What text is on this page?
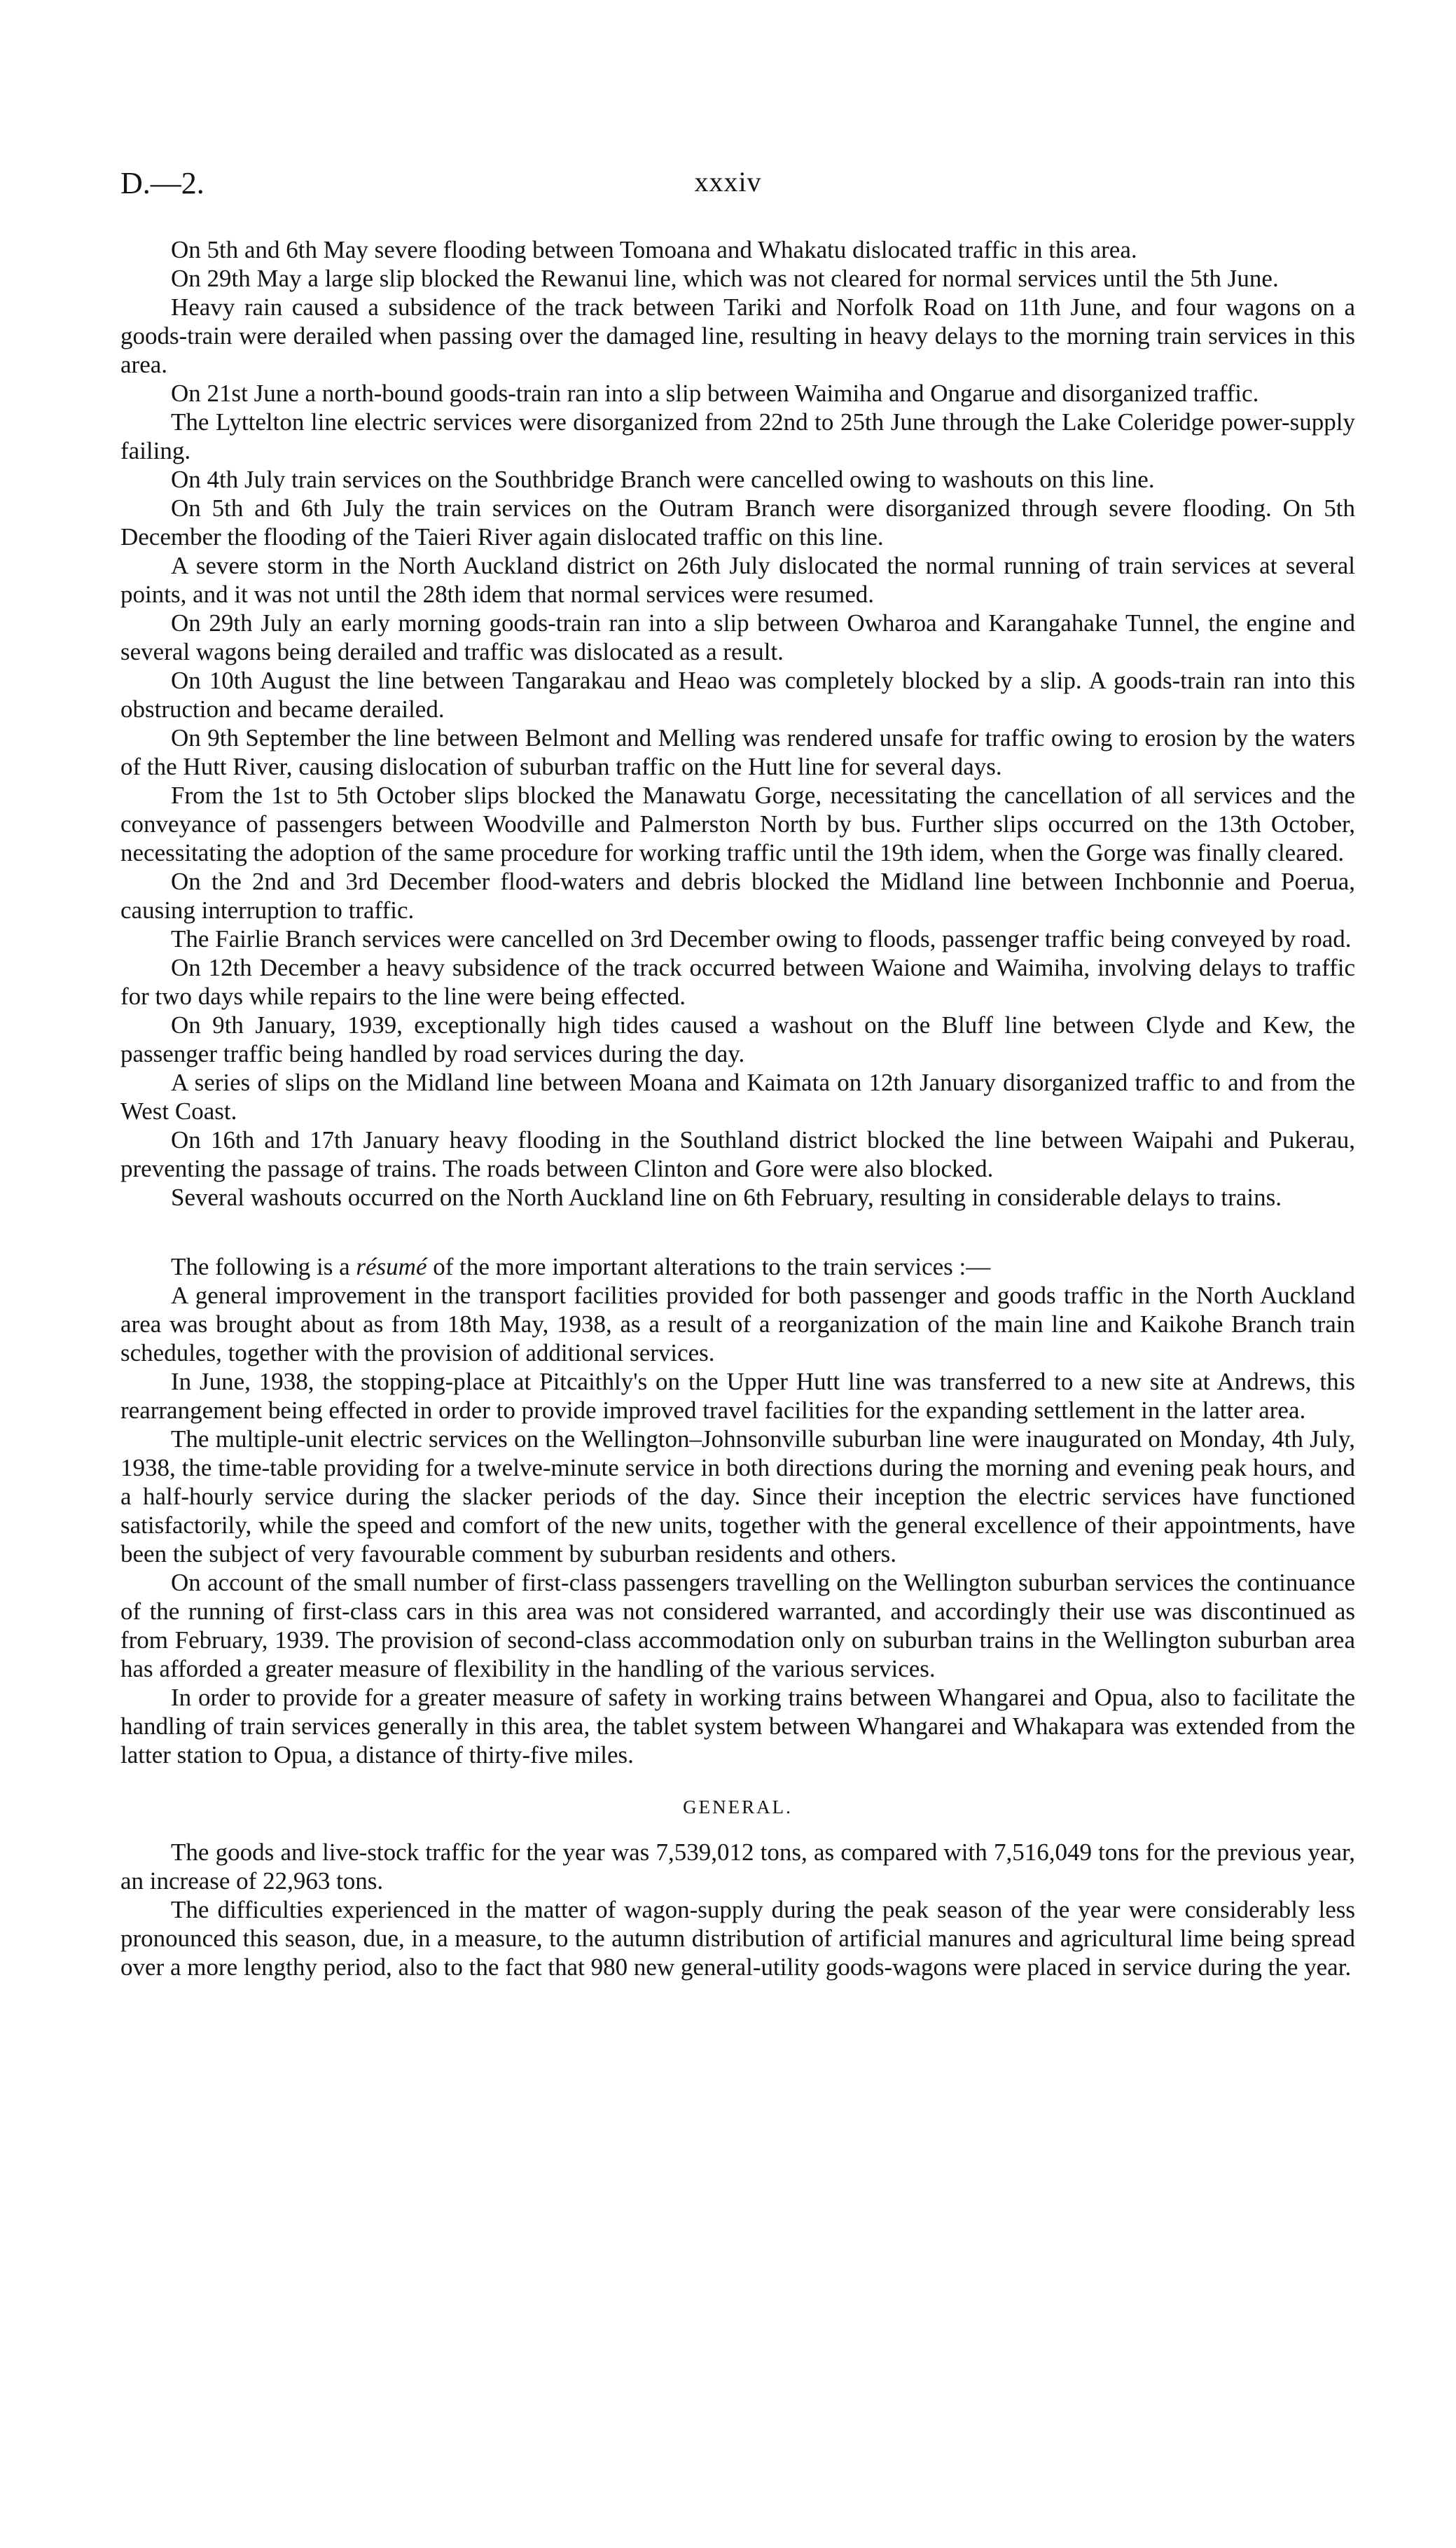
D.—2.	xxxiv

On 5th and 6th May severe flooding between Tomoana and Whakatu dislocated traffic in this area.

On 29th May a large slip blocked the Rewanui line, which was not cleared for normal services until the 5th June.

Heavy rain caused a subsidence of the track between Tariki and Norfolk Road on 11th June, and four wagons on a goods-train were derailed when passing over the damaged line, resulting in heavy delays to the morning train services in this area.

On 21st June a north-bound goods-train ran into a slip between Waimiha and Ongarue and disorganized traffic.

The Lyttelton line electric services were disorganized from 22nd to 25th June through the Lake Coleridge power-supply failing.

On 4th July train services on the Southbridge Branch were cancelled owing to washouts on this line.

On 5th and 6th July the train services on the Outram Branch were disorganized through severe flooding. On 5th December the flooding of the Taieri River again dislocated traffic on this line.

A severe storm in the North Auckland district on 26th July dislocated the normal running of train services at several points, and it was not until the 28th idem that normal services were resumed.

On 29th July an early morning goods-train ran into a slip between Owharoa and Karangahake Tunnel, the engine and several wagons being derailed and traffic was dislocated as a result.

On 10th August the line between Tangarakau and Heao was completely blocked by a slip. A goods-train ran into this obstruction and became derailed.

On 9th September the line between Belmont and Melling was rendered unsafe for traffic owing to erosion by the waters of the Hutt River, causing dislocation of suburban traffic on the Hutt line for several days.

From the 1st to 5th October slips blocked the Manawatu Gorge, necessitating the cancellation of all services and the conveyance of passengers between Woodville and Palmerston North by bus. Further slips occurred on the 13th October, necessitating the adoption of the same procedure for working traffic until the 19th idem, when the Gorge was finally cleared.

On the 2nd and 3rd December flood-waters and debris blocked the Midland line between Inchbonnie and Poerua, causing interruption to traffic.

The Fairlie Branch services were cancelled on 3rd December owing to floods, passenger traffic being conveyed by road.

On 12th December a heavy subsidence of the track occurred between Waione and Waimiha, involving delays to traffic for two days while repairs to the line were being effected.

On 9th January, 1939, exceptionally high tides caused a washout on the Bluff line between Clyde and Kew, the passenger traffic being handled by road services during the day.

A series of slips on the Midland line between Moana and Kaimata on 12th January disorganized traffic to and from the West Coast.

On 16th and 17th January heavy flooding in the Southland district blocked the line between Waipahi and Pukerau, preventing the passage of trains. The roads between Clinton and Gore were also blocked.

Several washouts occurred on the North Auckland line on 6th February, resulting in considerable delays to trains.

The following is a résumé of the more important alterations to the train services :—

A general improvement in the transport facilities provided for both passenger and goods traffic in the North Auckland area was brought about as from 18th May, 1938, as a result of a reorganization of the main line and Kaikohe Branch train schedules, together with the provision of additional services.

In June, 1938, the stopping-place at Pitcaithly's on the Upper Hutt line was transferred to a new site at Andrews, this rearrangement being effected in order to provide improved travel facilities for the expanding settlement in the latter area.

The multiple-unit electric services on the Wellington–Johnsonville suburban line were inaugurated on Monday, 4th July, 1938, the time-table providing for a twelve-minute service in both directions during the morning and evening peak hours, and a half-hourly service during the slacker periods of the day. Since their inception the electric services have functioned satisfactorily, while the speed and comfort of the new units, together with the general excellence of their appointments, have been the subject of very favourable comment by suburban residents and others.

On account of the small number of first-class passengers travelling on the Wellington suburban services the continuance of the running of first-class cars in this area was not considered warranted, and accordingly their use was discontinued as from February, 1939. The provision of second-class accommodation only on suburban trains in the Wellington suburban area has afforded a greater measure of flexibility in the handling of the various services.

In order to provide for a greater measure of safety in working trains between Whangarei and Opua, also to facilitate the handling of train services generally in this area, the tablet system between Whangarei and Whakapara was extended from the latter station to Opua, a distance of thirty-five miles.

GENERAL.

The goods and live-stock traffic for the year was 7,539,012 tons, as compared with 7,516,049 tons for the previous year, an increase of 22,963 tons.

The difficulties experienced in the matter of wagon-supply during the peak season of the year were considerably less pronounced this season, due, in a measure, to the autumn distribution of artificial manures and agricultural lime being spread over a more lengthy period, also to the fact that 980 new general-utility goods-wagons were placed in service during the year.
